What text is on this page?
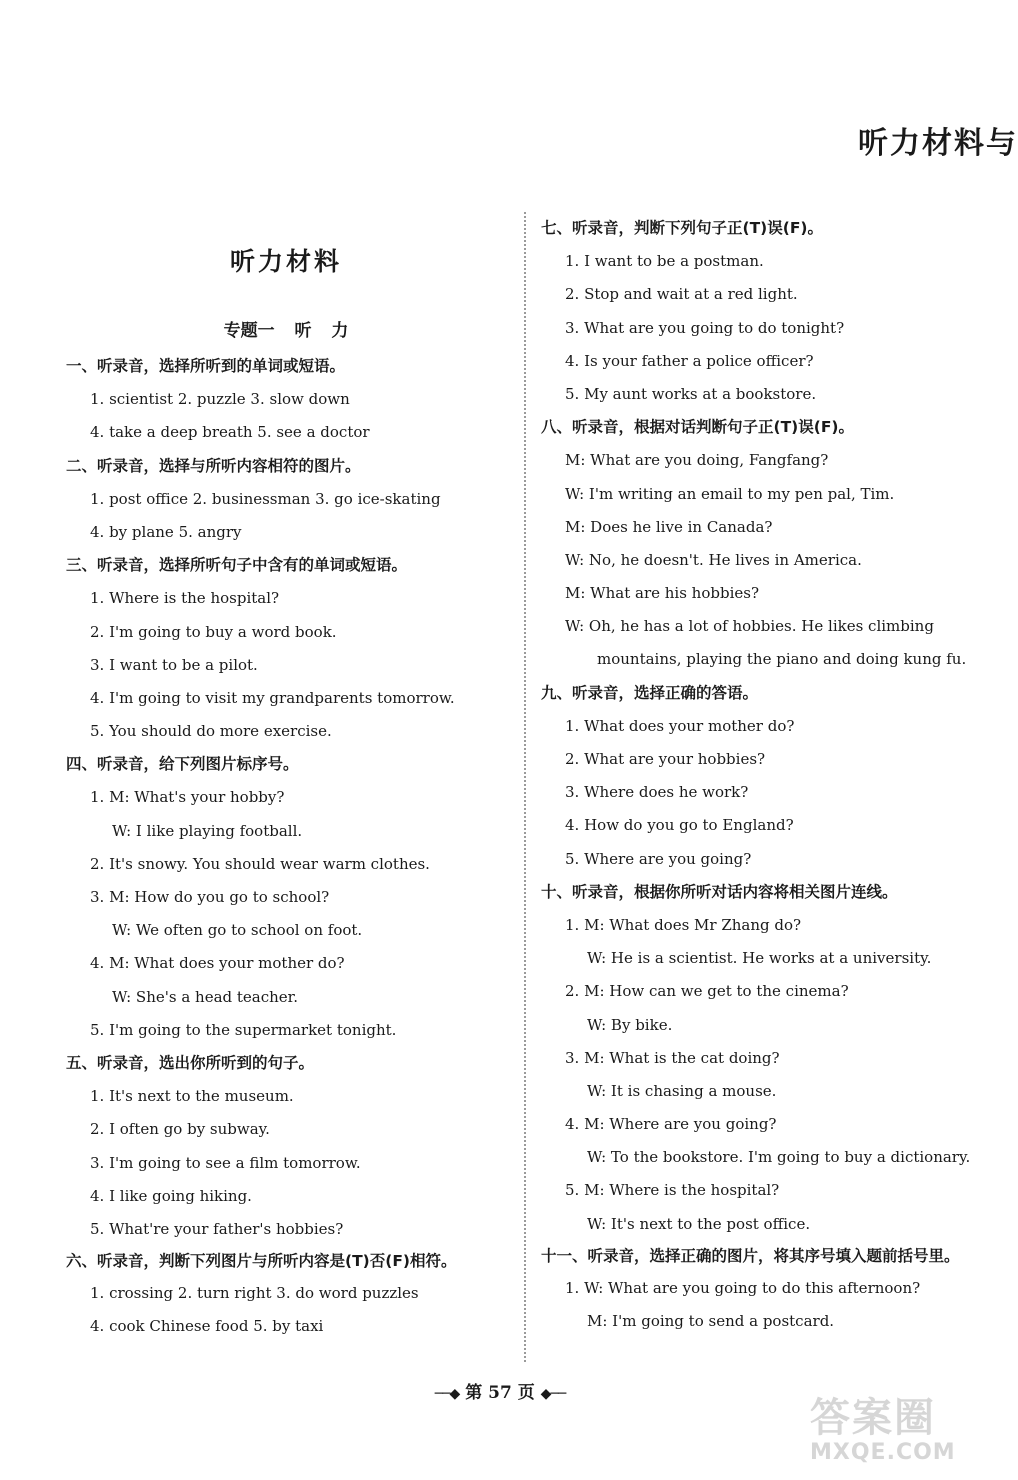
听力材料与
听力材料
专题一 听 力
一、听录音，选择所听到的单词或短语。
1. scientist 2. puzzle 3. slow down
4. take a deep breath 5. see a doctor
二、听录音，选择与所听内容相符的图片。
1. post office 2. businessman 3. go ice-skating
4. by plane 5. angry
三、听录音，选择所听句子中含有的单词或短语。
1. Where is the hospital?
2. I'm going to buy a word book.
3. I want to be a pilot.
4. I'm going to visit my grandparents tomorrow.
5. You should do more exercise.
四、听录音，给下列图片标序号。
1. M: What's your hobby?
W: I like playing football.
2. It's snowy. You should wear warm clothes.
3. M: How do you go to school?
W: We often go to school on foot.
4. M: What does your mother do?
W: She's a head teacher.
5. I'm going to the supermarket tonight.
五、听录音，选出你所听到的句子。
1. It's next to the museum.
2. I often go by subway.
3. I'm going to see a film tomorrow.
4. I like going hiking.
5. What're your father's hobbies?
六、听录音，判断下列图片与所听内容是(T)否(F)相符。
1. crossing 2. turn right 3. do word puzzles
4. cook Chinese food 5. by taxi
七、听录音，判断下列句子正(T)误(F)。
1. I want to be a postman.
2. Stop and wait at a red light.
3. What are you going to do tonight?
4. Is your father a police officer?
5. My aunt works at a bookstore.
八、听录音，根据对话判断句子正(T)误(F)。
M: What are you doing, Fangfang?
W: I'm writing an email to my pen pal, Tim.
M: Does he live in Canada?
W: No, he doesn't. He lives in America.
M: What are his hobbies?
W: Oh, he has a lot of hobbies. He likes climbing
mountains, playing the piano and doing kung fu.
九、听录音，选择正确的答语。
1. What does your mother do?
2. What are your hobbies?
3. Where does he work?
4. How do you go to England?
5. Where are you going?
十、听录音，根据你所听对话内容将相关图片连线。
1. M: What does Mr Zhang do?
W: He is a scientist. He works at a university.
2. M: How can we get to the cinema?
W: By bike.
3. M: What is the cat doing?
W: It is chasing a mouse.
4. M: Where are you going?
W: To the bookstore. I'm going to buy a dictionary.
5. M: Where is the hospital?
W: It's next to the post office.
十一、听录音，选择正确的图片，将其序号填入题前括号里。
1. W: What are you going to do this afternoon?
M: I'm going to send a postcard.
──◆ 第 57 页 ◆──
答案圈
MXQE.COM
